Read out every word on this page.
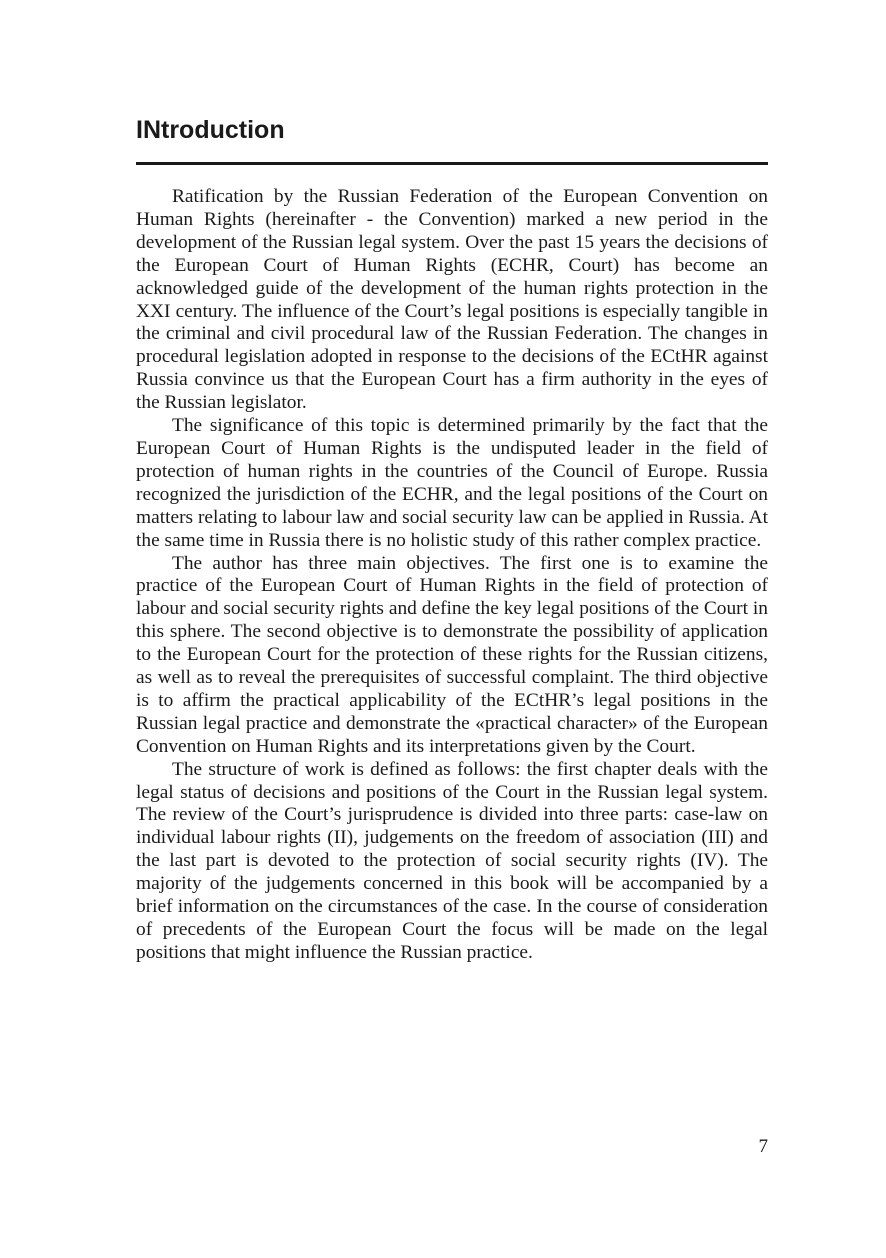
INtroduction

Ratification by the Russian Federation of the European Convention on Human Rights (hereinafter - the Convention) marked a new period in the development of the Russian legal system. Over the past 15 years the decisions of the European Court of Human Rights (ECHR, Court) has become an acknowledged guide of the development of the human rights protection in the XXI century. The influence of the Court’s legal positions is especially tangible in the criminal and civil procedural law of the Russian Federation. The changes in procedural legislation adopted in response to the decisions of the ECtHR against Russia convince us that the European Court has a firm authority in the eyes of the Russian legislator.

The significance of this topic is determined primarily by the fact that the European Court of Human Rights is the undisputed leader in the field of protection of human rights in the countries of the Council of Europe. Russia recognized the jurisdiction of the ECHR, and the legal positions of the Court on matters relating to labour law and social security law can be applied in Russia. At the same time in Russia there is no holistic study of this rather complex practice.

The author has three main objectives. The first one is to examine the practice of the European Court of Human Rights in the field of protection of labour and social security rights and define the key legal positions of the Court in this sphere. The second objective is to demonstrate the possibility of application to the European Court for the protection of these rights for the Russian citizens, as well as to reveal the prerequisites of successful complaint. The third objective is to affirm the practical applicability of the ECtHR’s legal positions in the Russian legal practice and demonstrate the «practical character» of the European Convention on Human Rights and its interpretations given by the Court.

The structure of work is defined as follows: the first chapter deals with the legal status of decisions and positions of the Court in the Russian legal system. The review of the Court’s jurisprudence is divided into three parts: case-law on individual labour rights (II), judgements on the freedom of association (III) and the last part is devoted to the protection of social security rights (IV). The majority of the judgements concerned in this book will be accompanied by a brief information on the circumstances of the case. In the course of consideration of precedents of the European Court the focus will be made on the legal positions that might influence the Russian practice.

7
